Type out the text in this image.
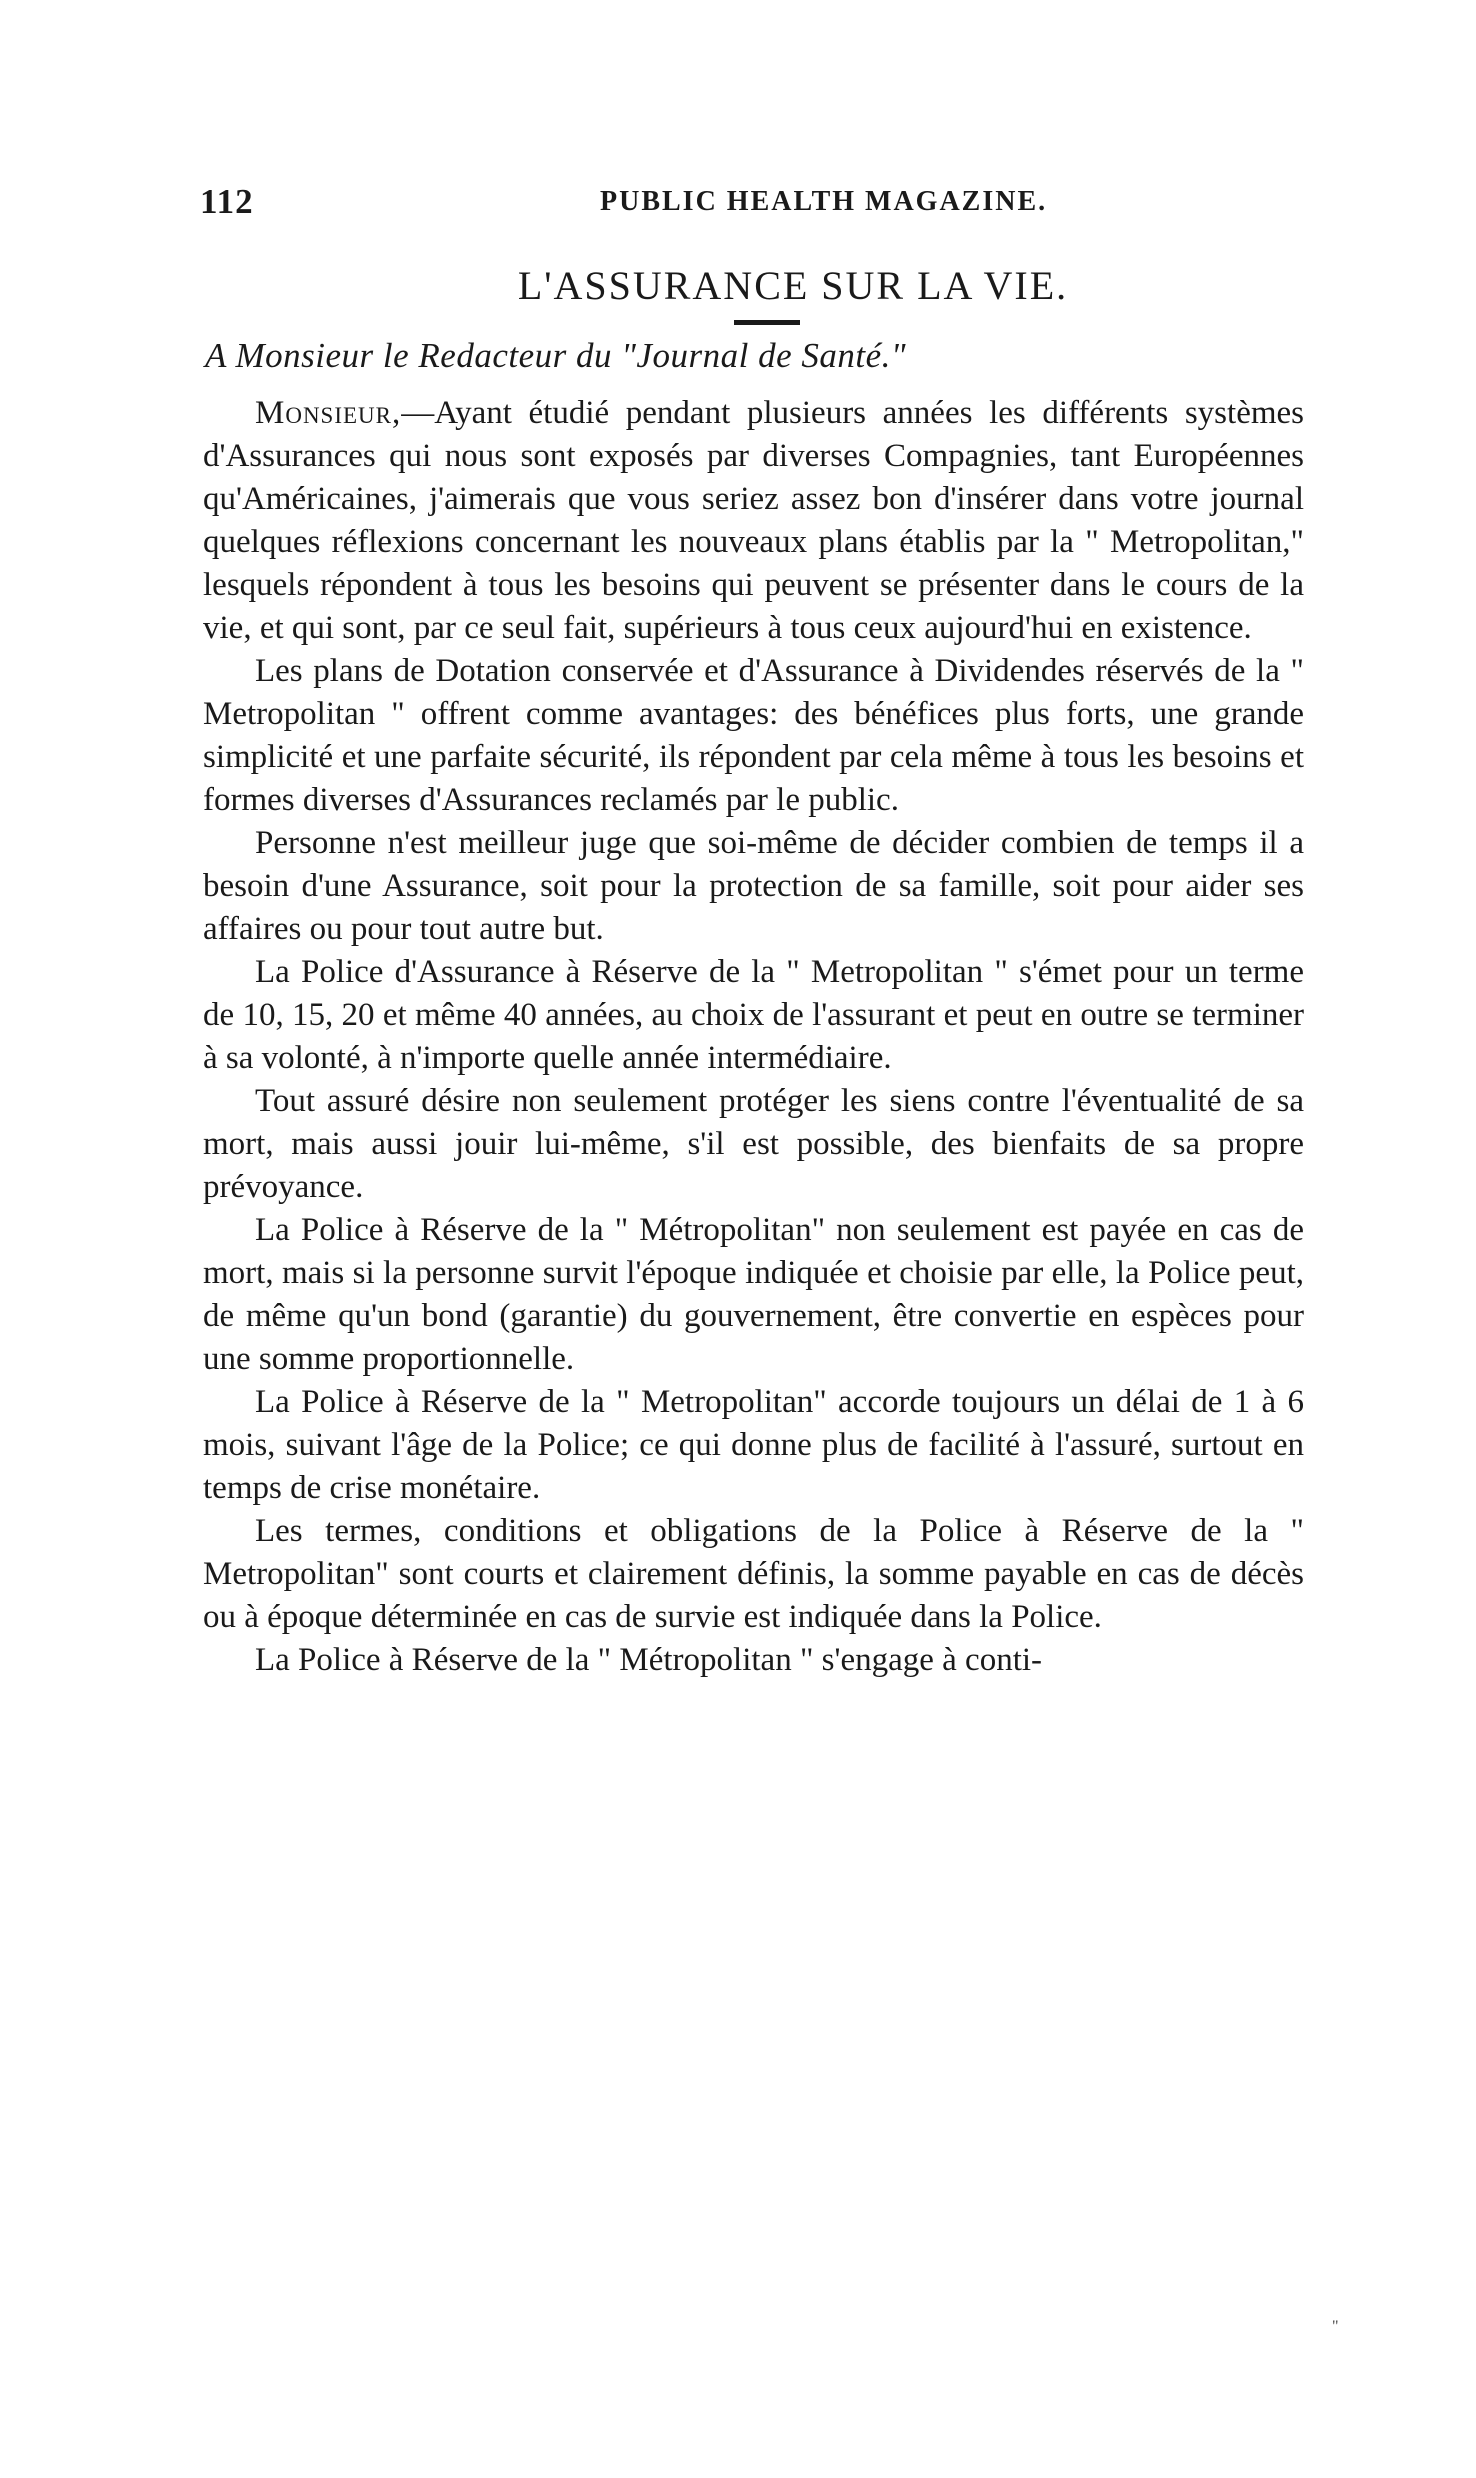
112	PUBLIC HEALTH MAGAZINE.
L'ASSURANCE SUR LA VIE.
A Monsieur le Redacteur du "Journal de Santé."

Monsieur,—Ayant étudié pendant plusieurs années les différents systèmes d'Assurances qui nous sont exposés par diverses Compagnies, tant Européennes qu'Américaines, j'aimerais que vous seriez assez bon d'insérer dans votre journal quelques réflexions concernant les nouveaux plans établis par la " Metropolitan," lesquels répondent à tous les besoins qui peuvent se présenter dans le cours de la vie, et qui sont, par ce seul fait, supérieurs à tous ceux aujourd'hui en existence.

Les plans de Dotation conservée et d'Assurance à Dividendes réservés de la " Metropolitan " offrent comme avantages: des bénéfices plus forts, une grande simplicité et une parfaite sécurité, ils répondent par cela même à tous les besoins et formes diverses d'Assurances reclamés par le public.

Personne n'est meilleur juge que soi-même de décider combien de temps il a besoin d'une Assurance, soit pour la protection de sa famille, soit pour aider ses affaires ou pour tout autre but.

La Police d'Assurance à Réserve de la " Metropolitan " s'émet pour un terme de 10, 15, 20 et même 40 années, au choix de l'assurant et peut en outre se terminer à sa volonté, à n'importe quelle année intermédiaire.

Tout assuré désire non seulement protéger les siens contre l'éventualité de sa mort, mais aussi jouir lui-même, s'il est possible, des bienfaits de sa propre prévoyance.

La Police à Réserve de la " Métropolitan" non seulement est payée en cas de mort, mais si la personne survit l'époque indiquée et choisie par elle, la Police peut, de même qu'un bond (garantie) du gouvernement, être convertie en espèces pour une somme proportionnelle.

La Police à Réserve de la " Metropolitan" accorde toujours un délai de 1 à 6 mois, suivant l'âge de la Police; ce qui donne plus de facilité à l'assuré, surtout en temps de crise monétaire.

Les termes, conditions et obligations de la Police à Réserve de la " Metropolitan" sont courts et clairement définis, la somme payable en cas de décès ou à époque déterminée en cas de survie est indiquée dans la Police.

La Police à Réserve de la " Métropolitan " s'engage à conti-

"
